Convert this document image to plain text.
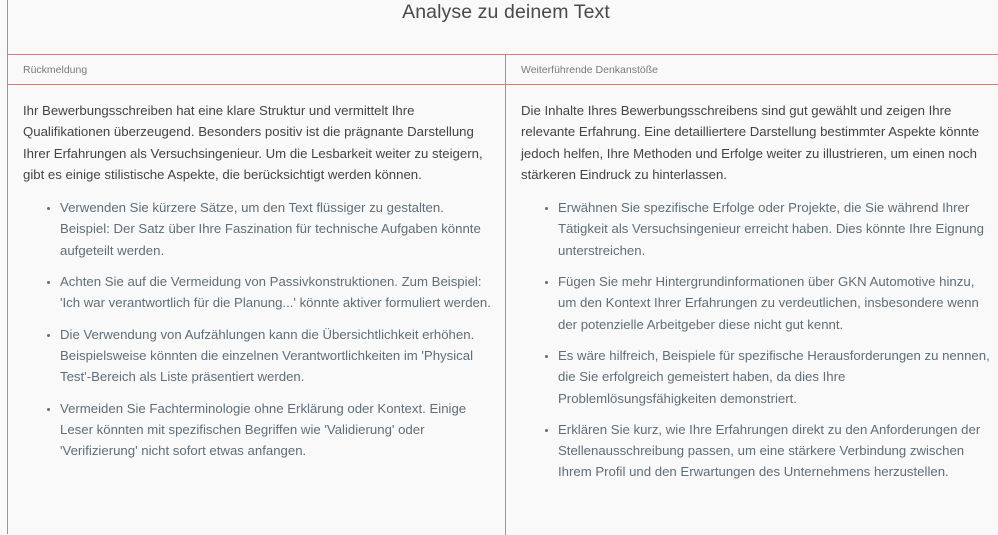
Analyse zu deinem Text
Rückmeldung

Ihr Bewerbungsschreiben hat eine klare Struktur und vermittelt Ihre Qualifikationen überzeugend. Besonders positiv ist die prägnante Darstellung Ihrer Erfahrungen als Versuchsingenieur. Um die Lesbarkeit weiter zu steigern, gibt es einige stilistische Aspekte, die berücksichtigt werden können.

• Verwenden Sie kürzere Sätze, um den Text flüssiger zu gestalten. Beispiel: Der Satz über Ihre Faszination für technische Aufgaben könnte aufgeteilt werden.
• Achten Sie auf die Vermeidung von Passivkonstruktionen. Zum Beispiel: 'Ich war verantwortlich für die Planung...' könnte aktiver formuliert werden.
• Die Verwendung von Aufzählungen kann die Übersichtlichkeit erhöhen. Beispielsweise könnten die einzelnen Verantwortlichkeiten im 'Physical Test'-Bereich als Liste präsentiert werden.
• Vermeiden Sie Fachterminologie ohne Erklärung oder Kontext. Einige Leser könnten mit spezifischen Begriffen wie 'Validierung' oder 'Verifizierung' nicht sofort etwas anfangen.
Weiterführende Denkanstöße

Die Inhalte Ihres Bewerbungsschreibens sind gut gewählt und zeigen Ihre relevante Erfahrung. Eine detailliertere Darstellung bestimmter Aspekte könnte jedoch helfen, Ihre Methoden und Erfolge weiter zu illustrieren, um einen noch stärkeren Eindruck zu hinterlassen.

• Erwähnen Sie spezifische Erfolge oder Projekte, die Sie während Ihrer Tätigkeit als Versuchsingenieur erreicht haben. Dies könnte Ihre Eignung unterstreichen.
• Fügen Sie mehr Hintergrundinformationen über GKN Automotive hinzu, um den Kontext Ihrer Erfahrungen zu verdeutlichen, insbesondere wenn der potenzielle Arbeitgeber diese nicht gut kennt.
• Es wäre hilfreich, Beispiele für spezifische Herausforderungen zu nennen, die Sie erfolgreich gemeistert haben, da dies Ihre Problemlösungsfähigkeiten demonstriert.
• Erklären Sie kurz, wie Ihre Erfahrungen direkt zu den Anforderungen der Stellenausschreibung passen, um eine stärkere Verbindung zwischen Ihrem Profil und den Erwartungen des Unternehmens herzustellen.
